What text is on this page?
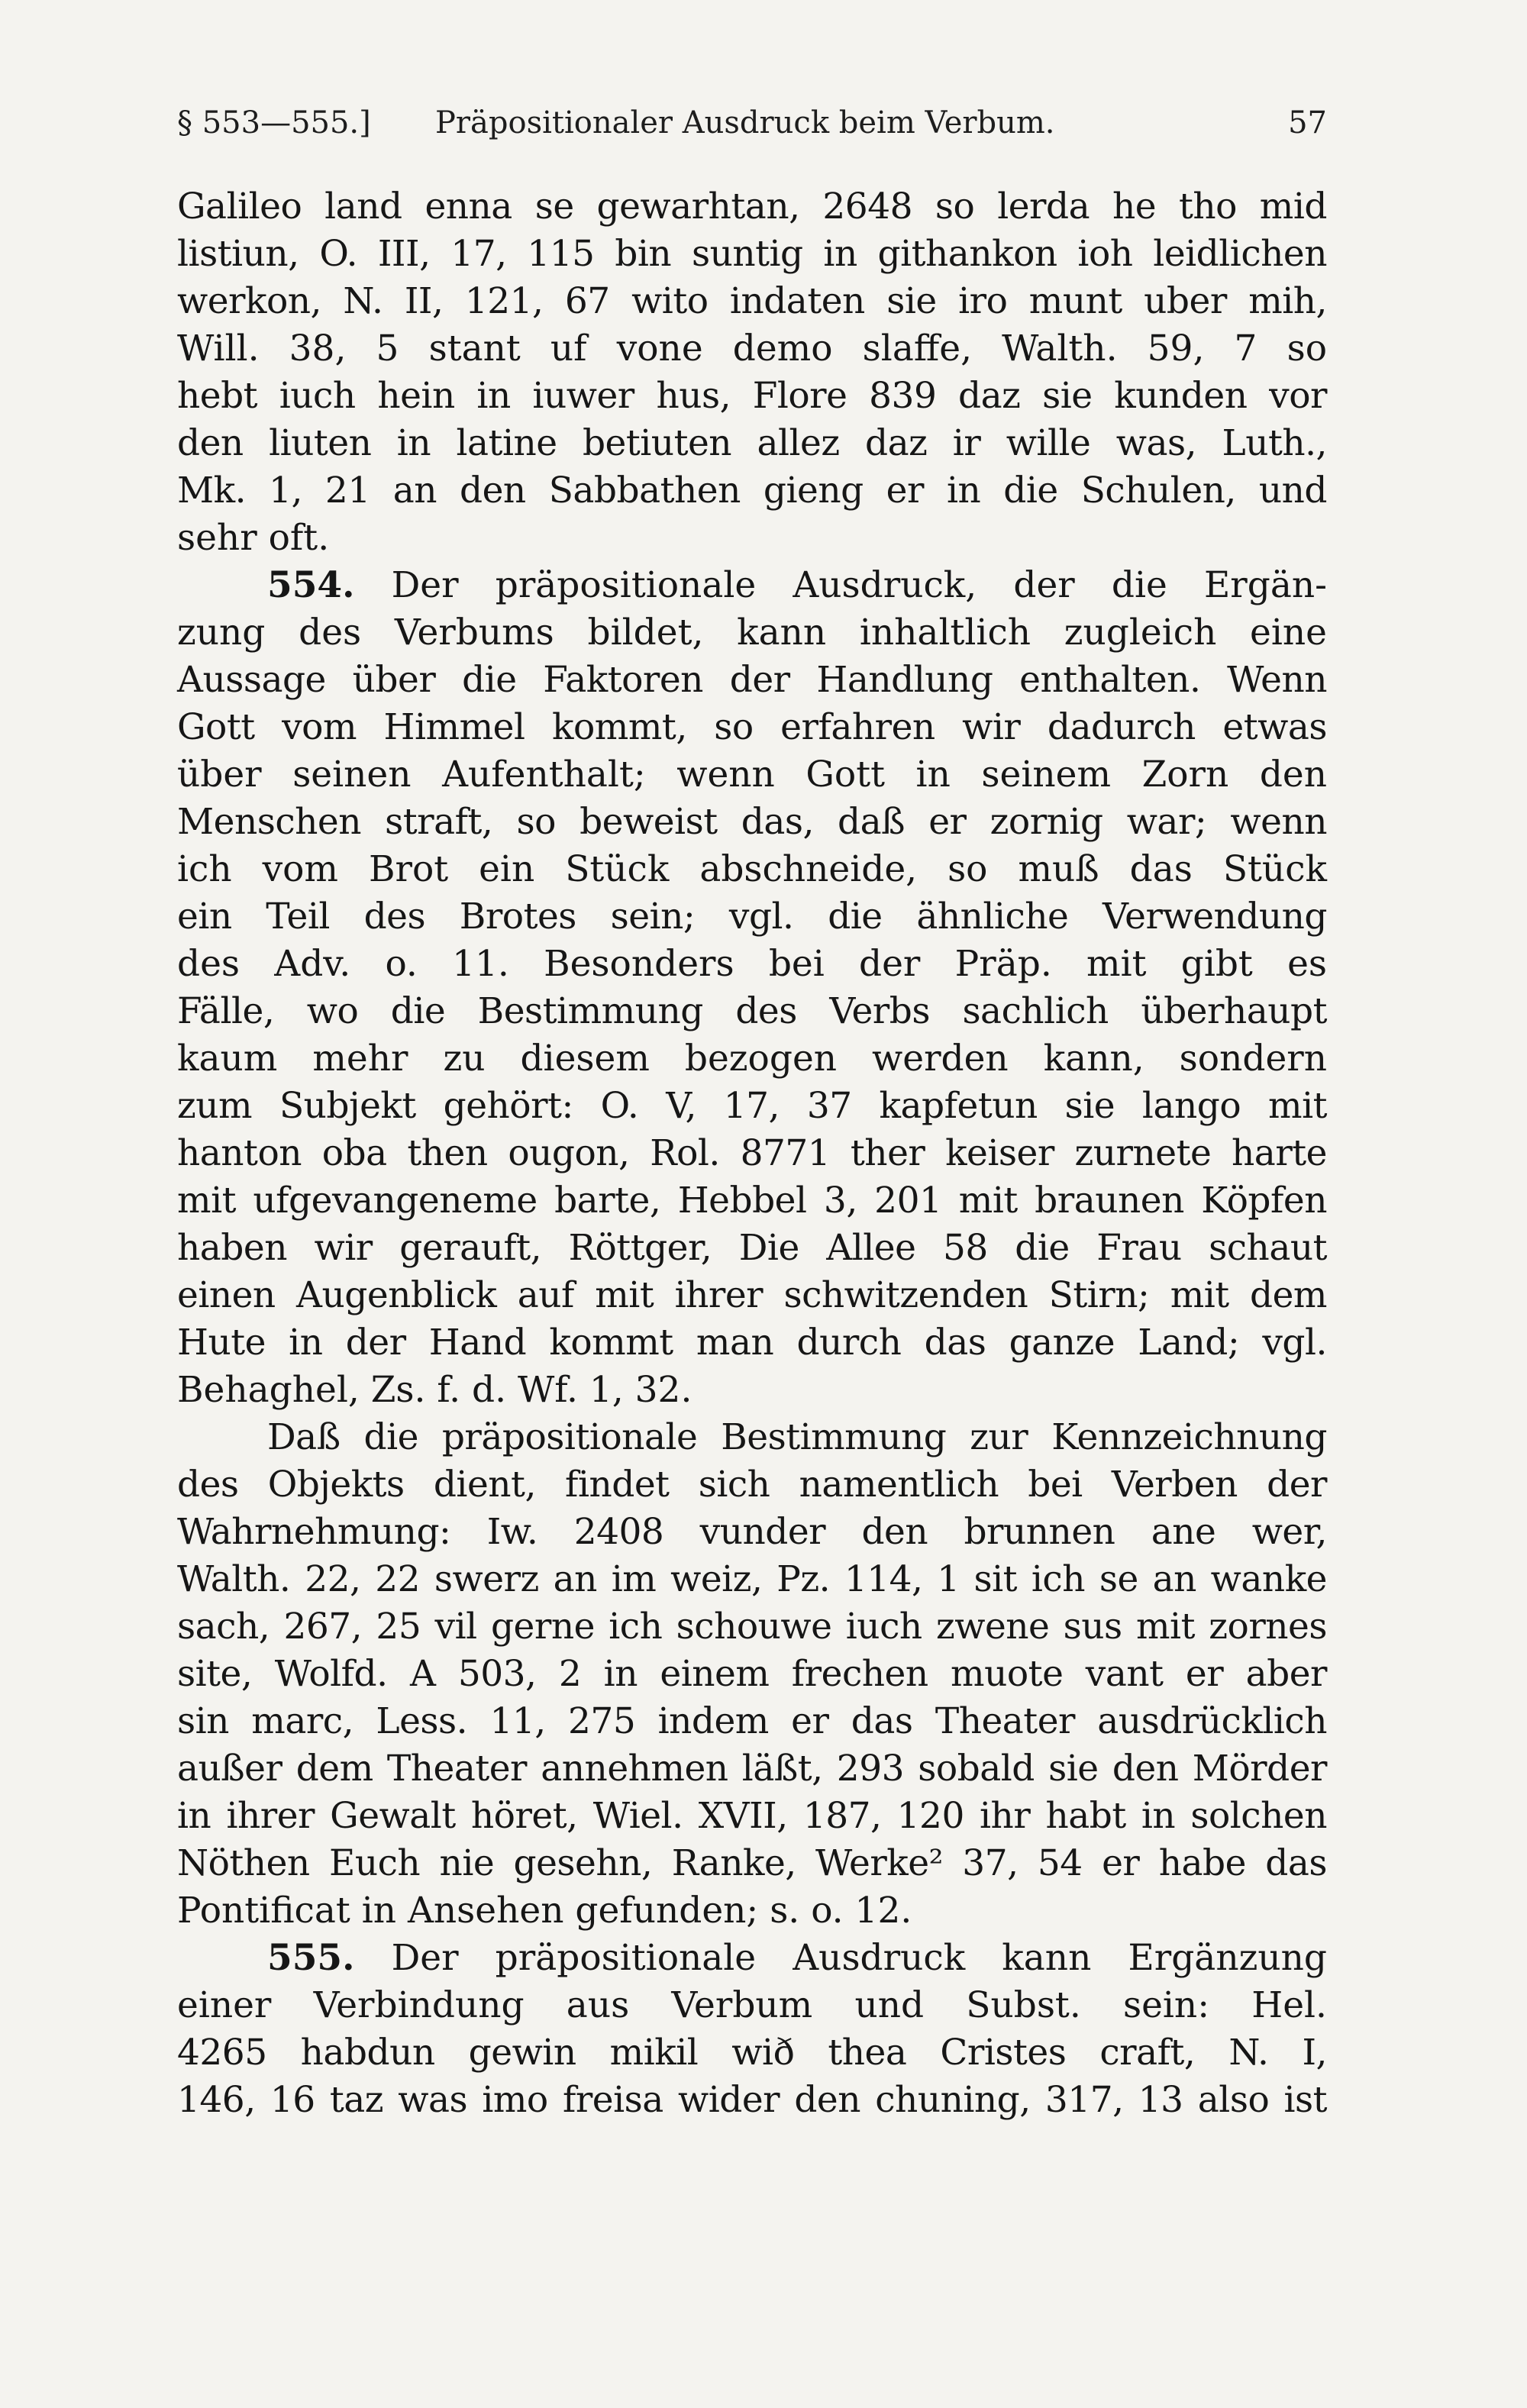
§ 553—555.] Präpositionaler Ausdruck beim Verbum.	57
Galileo land enna se gewarhtan, 2648 so lerda he tho mid
listiun, O. III, 17, 115 bin suntig in githankon ioh leidlichen
werkon, N. II, 121, 67 wito indaten sie iro munt uber mih,
Will. 38, 5 stant uf vone demo slaffe, Walth. 59, 7 so
hebt iuch hein in iuwer hus, Flore 839 daz sie kunden vor
den liuten in latine betiuten allez daz ir wille was, Luth.,
Mk. 1, 21 an den Sabbathen gieng er in die Schulen, und
sehr oft.
554. Der präpositionale Ausdruck, der die Ergän-
zung des Verbums bildet, kann inhaltlich zugleich eine
Aussage über die Faktoren der Handlung enthalten. Wenn
Gott vom Himmel kommt, so erfahren wir dadurch etwas
über seinen Aufenthalt; wenn Gott in seinem Zorn den
Menschen straft, so beweist das, daß er zornig war; wenn
ich vom Brot ein Stück abschneide, so muß das Stück
ein Teil des Brotes sein; vgl. die ähnliche Verwendung
des Adv. o. 11. Besonders bei der Präp. mit gibt es
Fälle, wo die Bestimmung des Verbs sachlich überhaupt
kaum mehr zu diesem bezogen werden kann, sondern
zum Subjekt gehört: O. V, 17, 37 kapfetun sie lango mit
hanton oba then ougon, Rol. 8771 ther keiser zurnete harte
mit ufgevangeneme barte, Hebbel 3, 201 mit braunen Köpfen
haben wir gerauft, Röttger, Die Allee 58 die Frau schaut
einen Augenblick auf mit ihrer schwitzenden Stirn; mit dem
Hute in der Hand kommt man durch das ganze Land; vgl.
Behaghel, Zs. f. d. Wf. 1, 32.
Daß die präpositionale Bestimmung zur Kennzeichnung
des Objekts dient, findet sich namentlich bei Verben der
Wahrnehmung: Iw. 2408 vunder den brunnen ane wer,
Walth. 22, 22 swerz an im weiz, Pz. 114, 1 sit ich se an wanke
sach, 267, 25 vil gerne ich schouwe iuch zwene sus mit zornes
site, Wolfd. A 503, 2 in einem frechen muote vant er aber
sin marc, Less. 11, 275 indem er das Theater ausdrücklich
außer dem Theater annehmen läßt, 293 sobald sie den Mörder
in ihrer Gewalt höret, Wiel. XVII, 187, 120 ihr habt in solchen
Nöthen Euch nie gesehn, Ranke, Werke² 37, 54 er habe das
Pontificat in Ansehen gefunden; s. o. 12.
555. Der präpositionale Ausdruck kann Ergänzung
einer Verbindung aus Verbum und Subst. sein: Hel.
4265 habdun gewin mikil wið thea Cristes craft, N. I,
146, 16 taz was imo freisa wider den chuning, 317, 13 also ist
